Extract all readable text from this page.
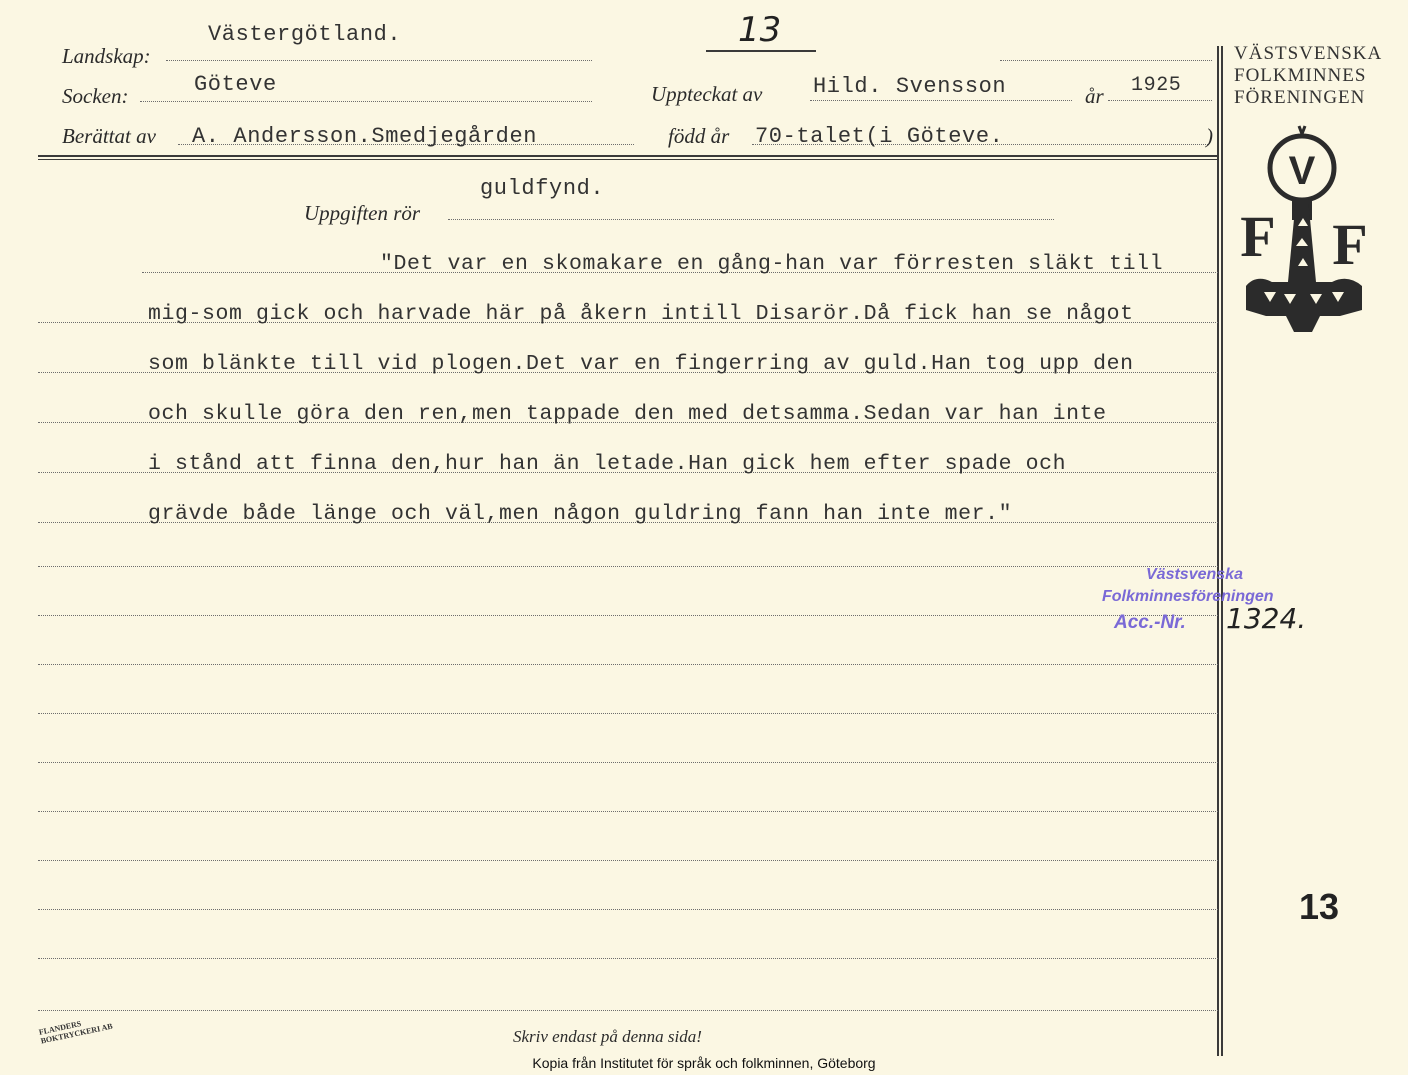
Landskap:
Västergötland.	13
Socken:	Göteve	Uppteckat av Hild. Svensson	år 1925
Berättat av A. Andersson.Smedjegården	född år 70-talet(i Göteve.	)
VÄSTSVENSKA
FOLKMINNES
FÖRENINGEN
V
F F
Uppgiften rör
guldfynd.
"Det var en skomakare en gång-han var förresten släkt till
mig-som gick och harvade här på åkern intill Disarör.Då fick han se något
som blänkte till vid plogen.Det var en fingerring av guld.Han tog upp den
och skulle göra den ren,men tappade den med detsamma.Sedan var han inte
i stånd att finna den,hur han än letade.Han gick hem efter spade och
grävde både länge och väl,men någon guldring fann han inte mer."
Västsvenska
Folkminnesföreningen
Acc.-Nr. 1324.
13
FLANDERS BOKTRYCKERI AB	Skriv endast på denna sida!
Kopia från Institutet för språk och folkminnen, Göteborg
